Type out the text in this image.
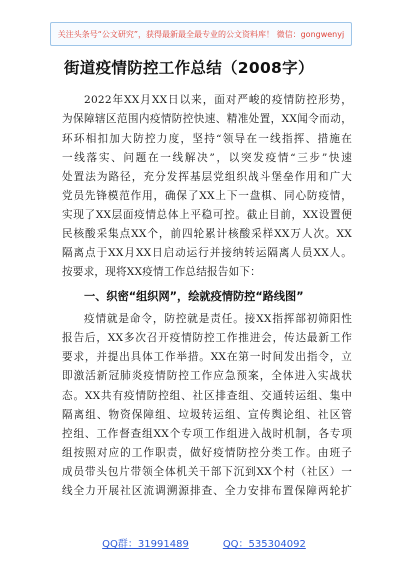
关注头条号“公文研究”，获得最新最全最专业的公文资料库！ 微信：gongwenyj
街道疫情防控工作总结（2008字）
2022年XX月XX日以来，面对严峻的疫情防控形势，
为保障辖区范围内疫情防控快速、精准处置，XX闻令而动，
环环相扣加大防控力度，坚持“领导在一线指挥、措施在
一线落实、问题在一线解决”，以突发疫情“三步”快速
处置法为路径，充分发挥基层党组织战斗堡垒作用和广大
党员先锋模范作用，确保了XX上下一盘棋、同心防疫情，
实现了XX层面疫情总体上平稳可控。截止目前，XX设置便
民核酸采集点XX个，前四轮累计核酸采样XX万人次。XX
隔离点于XX月XX日启动运行并接纳转运隔离人员XX人。
按要求，现将XX疫情工作总结报告如下：
一、织密“组织网”，绘就疫情防控“路线图”
疫情就是命令，防控就是责任。接XX指挥部初筛阳性
报告后，XX多次召开疫情防控工作推进会，传达最新工作
要求，并提出具体工作举措。XX在第一时间发出指令，立
即激活新冠肺炎疫情防控工作应急预案，全体进入实战状
态。XX共有疫情防控组、社区排查组、交通转运组、集中
隔离组、物资保障组、垃圾转运组、宣传舆论组、社区管
控组、工作督查组XX个专项工作组进入战时机制，各专项
组按照对应的工作职责，做好疫情防控分类工作。由班子
成员带头包片带领全体机关干部下沉到XX个村（社区）一
线全力开展社区流调溯源排查、全力安排布置保障两轮扩
QQ群：31991489	QQ：535304092
